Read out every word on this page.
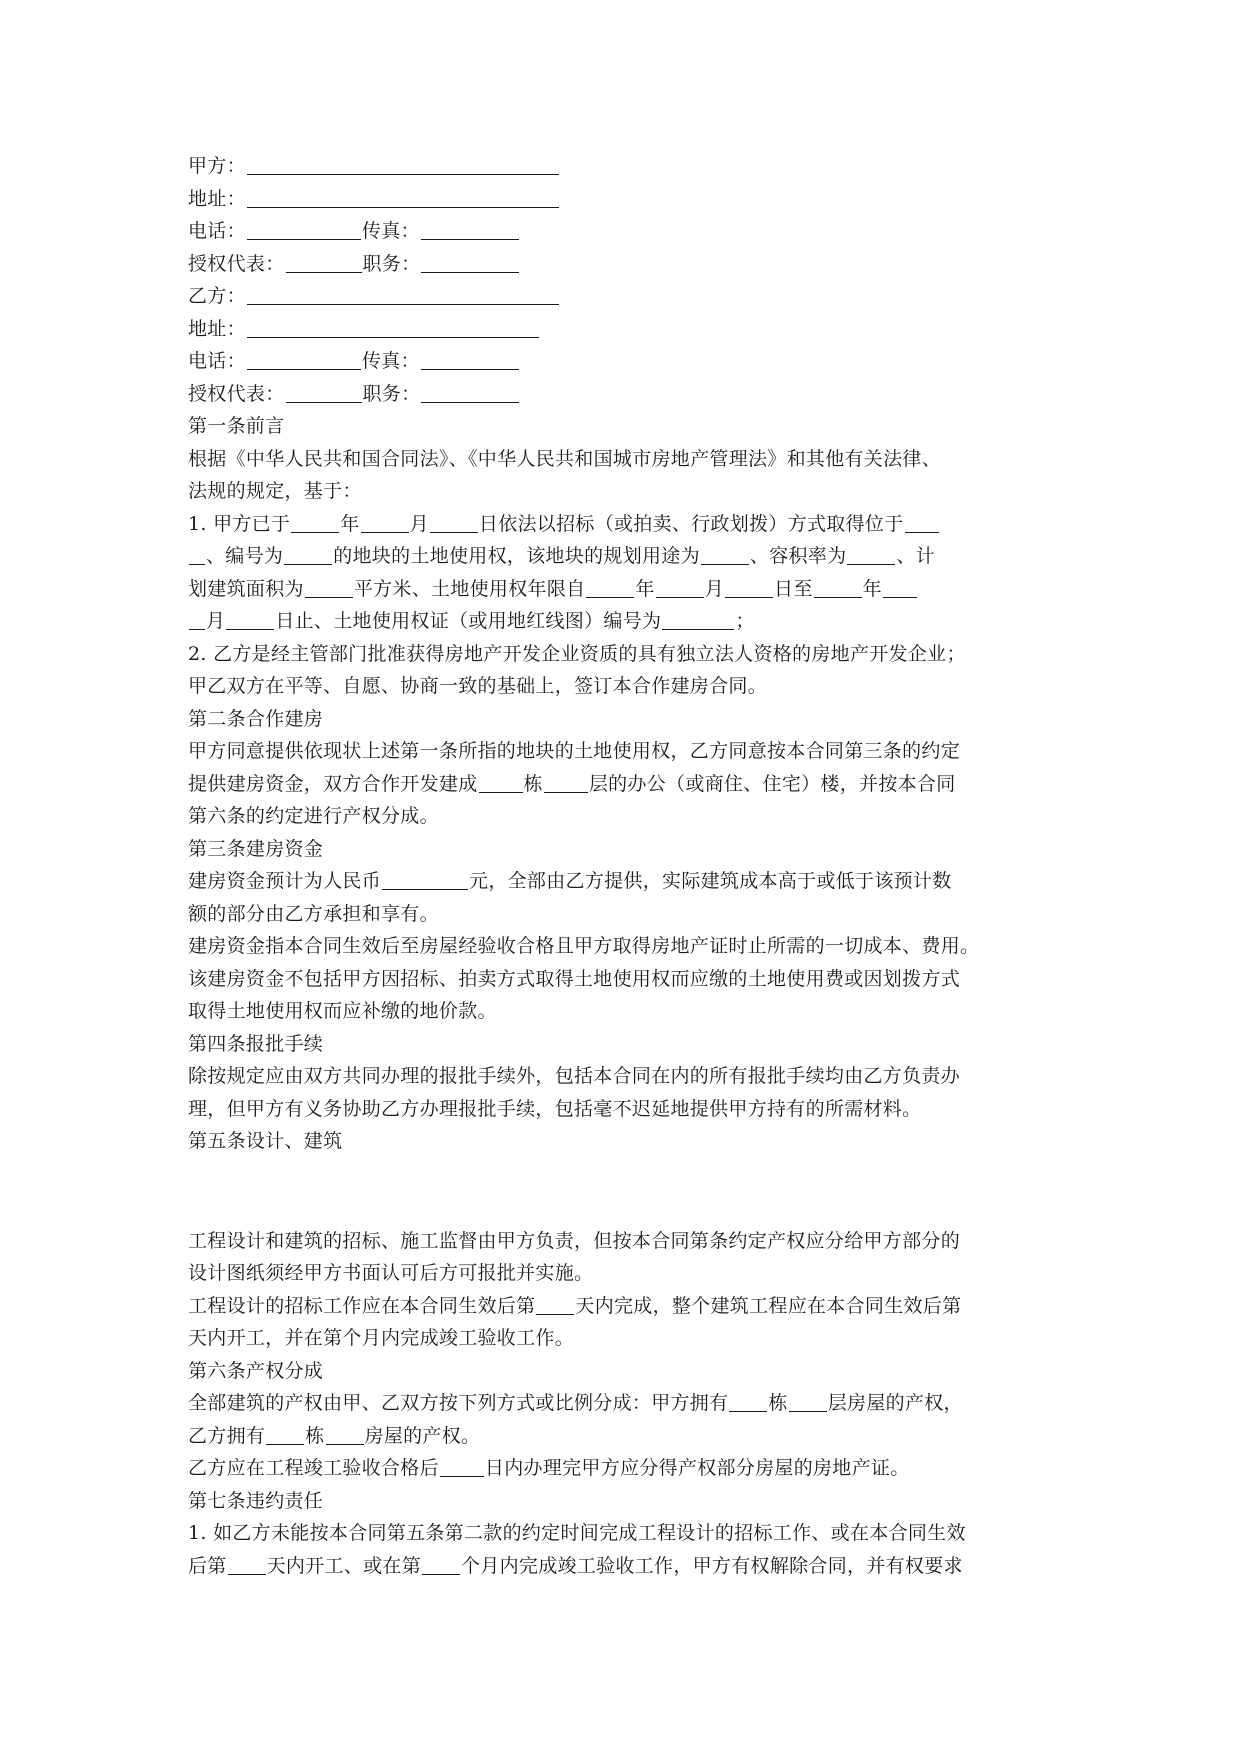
甲方：
地址：
电话：	传真：
授权代表：	职务：
乙方：
地址：
电话：	传真：
授权代表：	职务：
第一条前言
根据《中华人民共和国合同法》、《中华人民共和国城市房地产管理法》和其他有关法律、
法规的规定，基于：
1. 甲方已于	年	月	日依法以招标（或拍卖、行政划拨）方式取得位于
、编号为	的地块的土地使用权，该地块的规划用途为	、容积率为	、计
划建筑面积为	平方米、土地使用权年限自	年	月	日至	年
月	日止、土地使用权证（或用地红线图）编号为	；
2. 乙方是经主管部门批准获得房地产开发企业资质的具有独立法人资格的房地产开发企业；
甲乙双方在平等、自愿、协商一致的基础上，签订本合作建房合同。
第二条合作建房
甲方同意提供依现状上述第一条所指的地块的土地使用权，乙方同意按本合同第三条的约定
提供建房资金，双方合作开发建成 栋 层的办公（或商住、住宅）楼，并按本合同
第六条的约定进行产权分成。
第三条建房资金
建房资金预计为人民币	元，全部由乙方提供，实际建筑成本高于或低于该预计数
额的部分由乙方承担和享有。
建房资金指本合同生效后至房屋经验收合格且甲方取得房地产证时止所需的一切成本、费用。
该建房资金不包括甲方因招标、拍卖方式取得土地使用权而应缴的土地使用费或因划拨方式
取得土地使用权而应补缴的地价款。
第四条报批手续
除按规定应由双方共同办理的报批手续外，包括本合同在内的所有报批手续均由乙方负责办
理，但甲方有义务协助乙方办理报批手续，包括毫不迟延地提供甲方持有的所需材料。
第五条设计、建筑
工程设计和建筑的招标、施工监督由甲方负责，但按本合同第条约定产权应分给甲方部分的
设计图纸须经甲方书面认可后方可报批并实施。
工程设计的招标工作应在本合同生效后第 天内完成，整个建筑工程应在本合同生效后第
天内开工，并在第个月内完成竣工验收工作。
第六条产权分成
全部建筑的产权由甲、乙双方按下列方式或比例分成：甲方拥有 栋 层房屋的产权，
乙方拥有 栋 房屋的产权。
乙方应在工程竣工验收合格后 日内办理完甲方应分得产权部分房屋的房地产证。
第七条违约责任
1. 如乙方未能按本合同第五条第二款的约定时间完成工程设计的招标工作、或在本合同生效
后第 天内开工、或在第 个月内完成竣工验收工作，甲方有权解除合同，并有权要求
